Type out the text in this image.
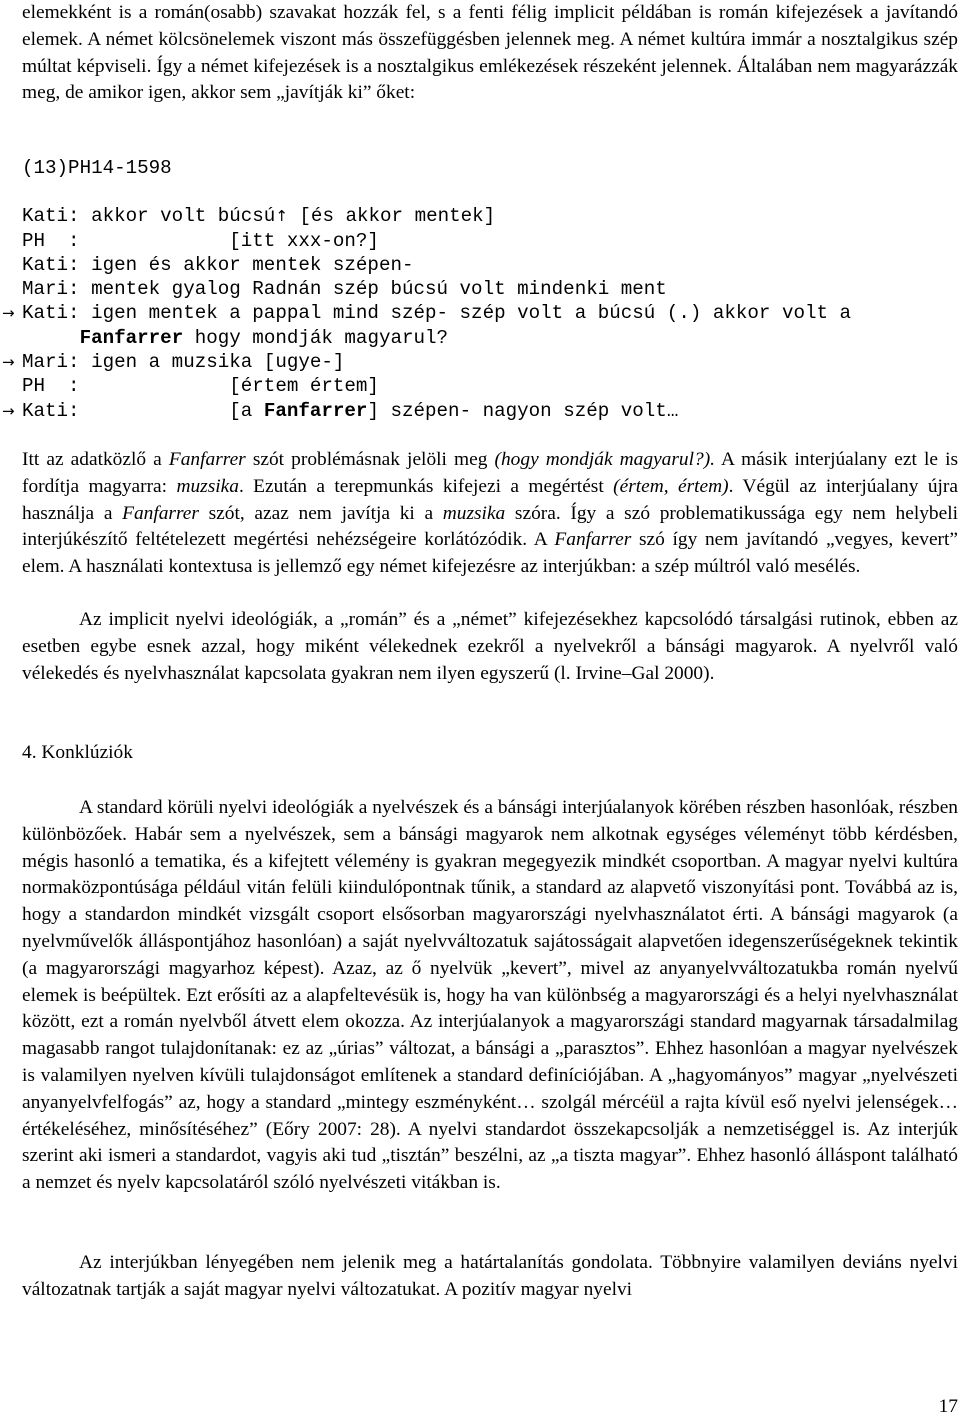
elemekként is a román(osabb) szavakat hozzák fel, s a fenti félig implicit példában is román kifejezések a javítandó elemek. A német kölcsönelemek viszont más összefüggésben jelennek meg. A német kultúra immár a nosztalgikus szép múltat képviseli. Így a német kifejezések is a nosztalgikus emlékezések részeként jelennek. Általában nem magyarázzák meg, de amikor igen, akkor sem „javítják ki” őket:

(13)PH14-1598
Kati: akkor volt búcsú↑ [és akkor mentek]
PH  :             [itt xxx-on?]
Kati: igen és akkor mentek szépen-
Mari: mentek gyalog Radnán szép búcsú volt mindenki ment
→ Kati: igen mentek a pappal mind szép- szép volt a búcsú (.) akkor volt a
Fanfarrer hogy mondják magyarul?
→ Mari: igen a muzsika [ugye-]
PH  :             [értem értem]
→ Kati:             [a Fanfarrer] szépen- nagyon szép volt…

Itt az adatközlő a Fanfarrer szót problémásnak jelöli meg (hogy mondják magyarul?). A másik interjúalany ezt le is fordítja magyarra: muzsika. Ezután a terepmunkás kifejezi a megértést (értem, értem). Végül az interjúalany újra használja a Fanfarrer szót, azaz nem javítja ki a muzsika szóra. Így a szó problematikussága egy nem helybeli interjúkészítő feltételezett megértési nehézségeire korlátózódik. A Fanfarrer szó így nem javítandó „vegyes, kevert” elem. A használati kontextusa is jellemző egy német kifejezésre az interjúkban: a szép múltról való mesélés.

Az implicit nyelvi ideológiák, a „román” és a „német” kifejezésekhez kapcsolódó társalgási rutinok, ebben az esetben egybe esnek azzal, hogy miként vélekednek ezekről a nyelvekről a bánsági magyarok. A nyelvről való vélekedés és nyelvhasználat kapcsolata gyakran nem ilyen egyszerű (l. Irvine–Gal 2000).

4. Konklúziók

A standard körüli nyelvi ideológiák a nyelvészek és a bánsági interjúalanyok körében részben hasonlóak, részben különbözőek. Habár sem a nyelvészek, sem a bánsági magyarok nem alkotnak egységes véleményt több kérdésben, mégis hasonló a tematika, és a kifejtett vélemény is gyakran megegyezik mindkét csoportban. A magyar nyelvi kultúra normaközpontúsága például vitán felüli kiindulópontnak tűnik, a standard az alapvető viszonyítási pont. Továbbá az is, hogy a standardon mindkét vizsgált csoport elsősorban magyarországi nyelvhasználatot érti. A bánsági magyarok (a nyelvművelők álláspontjához hasonlóan) a saját nyelvváltozatuk sajátosságait alapvetően idegenszerűségeknek tekintik (a magyarországi magyarhoz képest). Azaz, az ő nyelvük „kevert”, mivel az anyanyelvváltozatukba román nyelvű elemek is beépültek. Ezt erősíti az a alapfeltevésük is, hogy ha van különbség a magyarországi és a helyi nyelvhasználat között, ezt a román nyelvből átvett elem okozza. Az interjúalanyok a magyarországi standard magyarnak társadalmilag magasabb rangot tulajdonítanak: ez az „úrias” változat, a bánsági a „parasztos”. Ehhez hasonlóan a magyar nyelvészek is valamilyen nyelven kívüli tulajdonságot említenek a standard definíciójában. A „hagyományos” magyar „nyelvészeti anyanyelvfelfogás” az, hogy a standard „mintegy eszményként… szolgál mércéül a rajta kívül eső nyelvi jelenségek… értékeléséhez, minősítéséhez” (Eőry 2007: 28). A nyelvi standardot összekapcsolják a nemzetiséggel is. Az interjúk szerint aki ismeri a standardot, vagyis aki tud „tisztán” beszélni, az „a tiszta magyar”. Ehhez hasonló álláspont található a nemzet és nyelv kapcsolatáról szóló nyelvészeti vitákban is.

Az interjúkban lényegében nem jelenik meg a határtalanítás gondolata. Többnyire valamilyen deviáns nyelvi változatnak tartják a saját magyar nyelvi változatukat. A pozitív magyar nyelvi

17
